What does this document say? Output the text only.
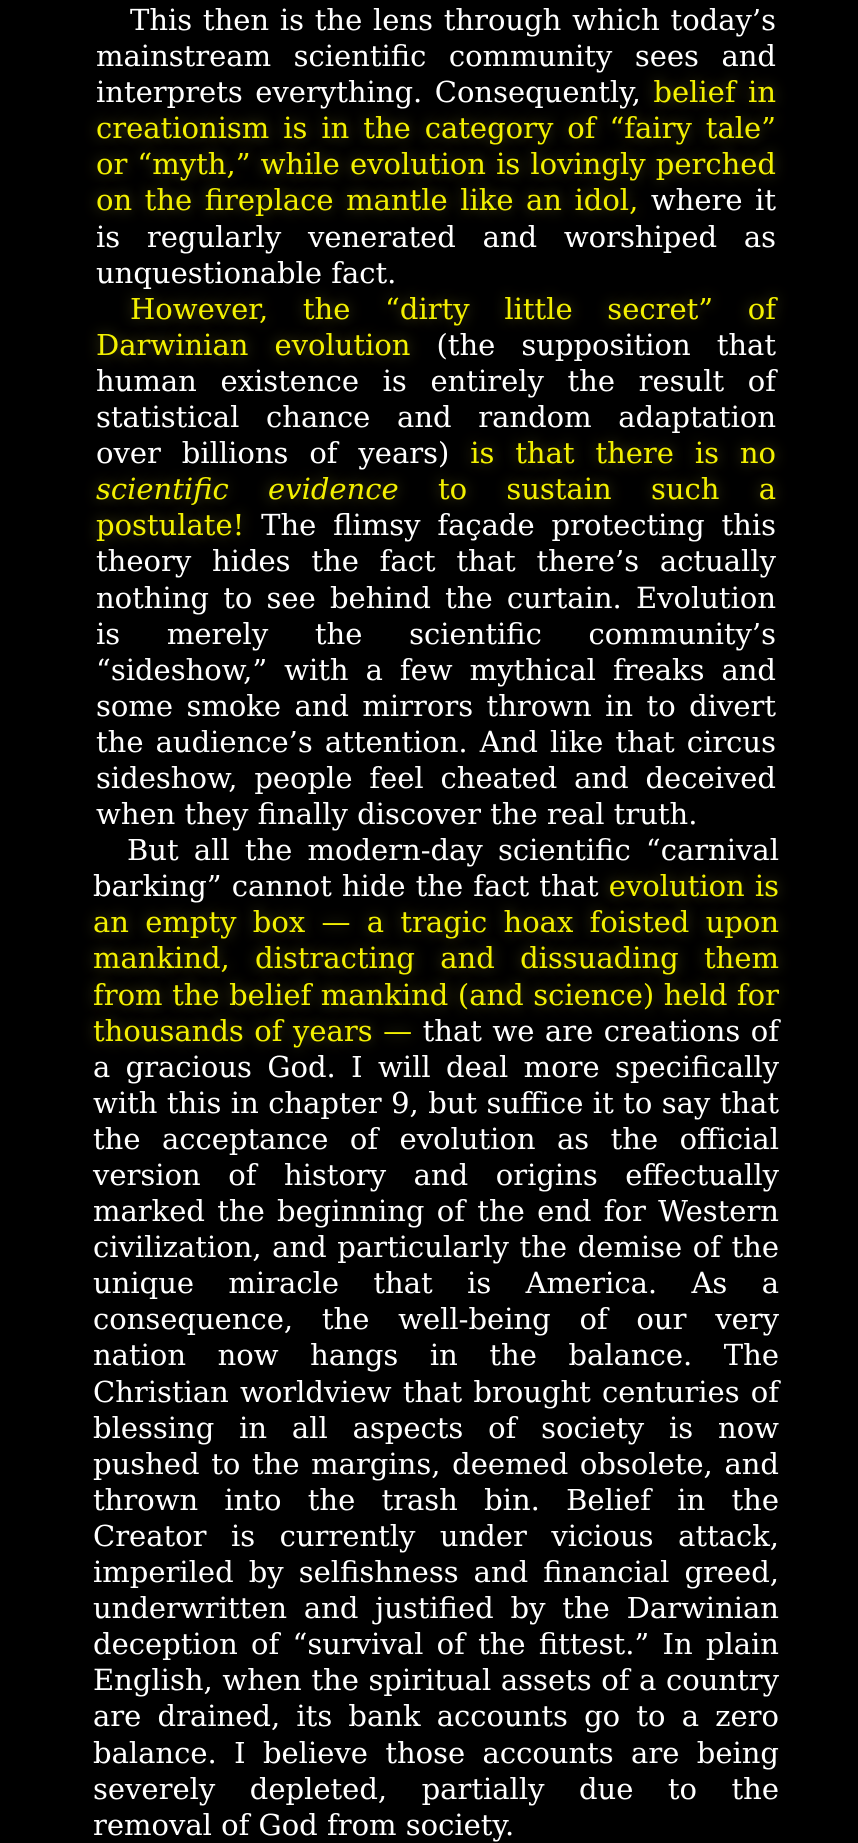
This then is the lens through which today’s mainstream scientific community sees and interprets everything. Consequently, belief in creationism is in the category of “fairy tale” or “myth,” while evolution is lovingly perched on the fireplace mantle like an idol, where it is regularly venerated and worshiped as unquestionable fact.

However, the “dirty little secret” of Darwinian evolution (the supposition that human existence is entirely the result of statistical chance and random adaptation over billions of years) is that there is no scientific evidence to sustain such a postulate! The flimsy façade protecting this theory hides the fact that there’s actually nothing to see behind the curtain. Evolution is merely the scientific community’s “sideshow,” with a few mythical freaks and some smoke and mirrors thrown in to divert the audience’s attention. And like that circus sideshow, people feel cheated and deceived when they finally discover the real truth.

But all the modern-day scientific “carnival barking” cannot hide the fact that evolution is an empty box — a tragic hoax foisted upon mankind, distracting and dissuading them from the belief mankind (and science) held for thousands of years — that we are creations of a gracious God. I will deal more specifically with this in chapter 9, but suffice it to say that the acceptance of evolution as the official version of history and origins effectually marked the beginning of the end for Western civilization, and particularly the demise of the unique miracle that is America. As a consequence, the well-being of our very nation now hangs in the balance. The Christian worldview that brought centuries of blessing in all aspects of society is now pushed to the margins, deemed obsolete, and thrown into the trash bin. Belief in the Creator is currently under vicious attack, imperiled by selfishness and financial greed, underwritten and justified by the Darwinian deception of “survival of the fittest.” In plain English, when the spiritual assets of a country are drained, its bank accounts go to a zero balance. I believe those accounts are being severely depleted, partially due to the removal of God from society.
